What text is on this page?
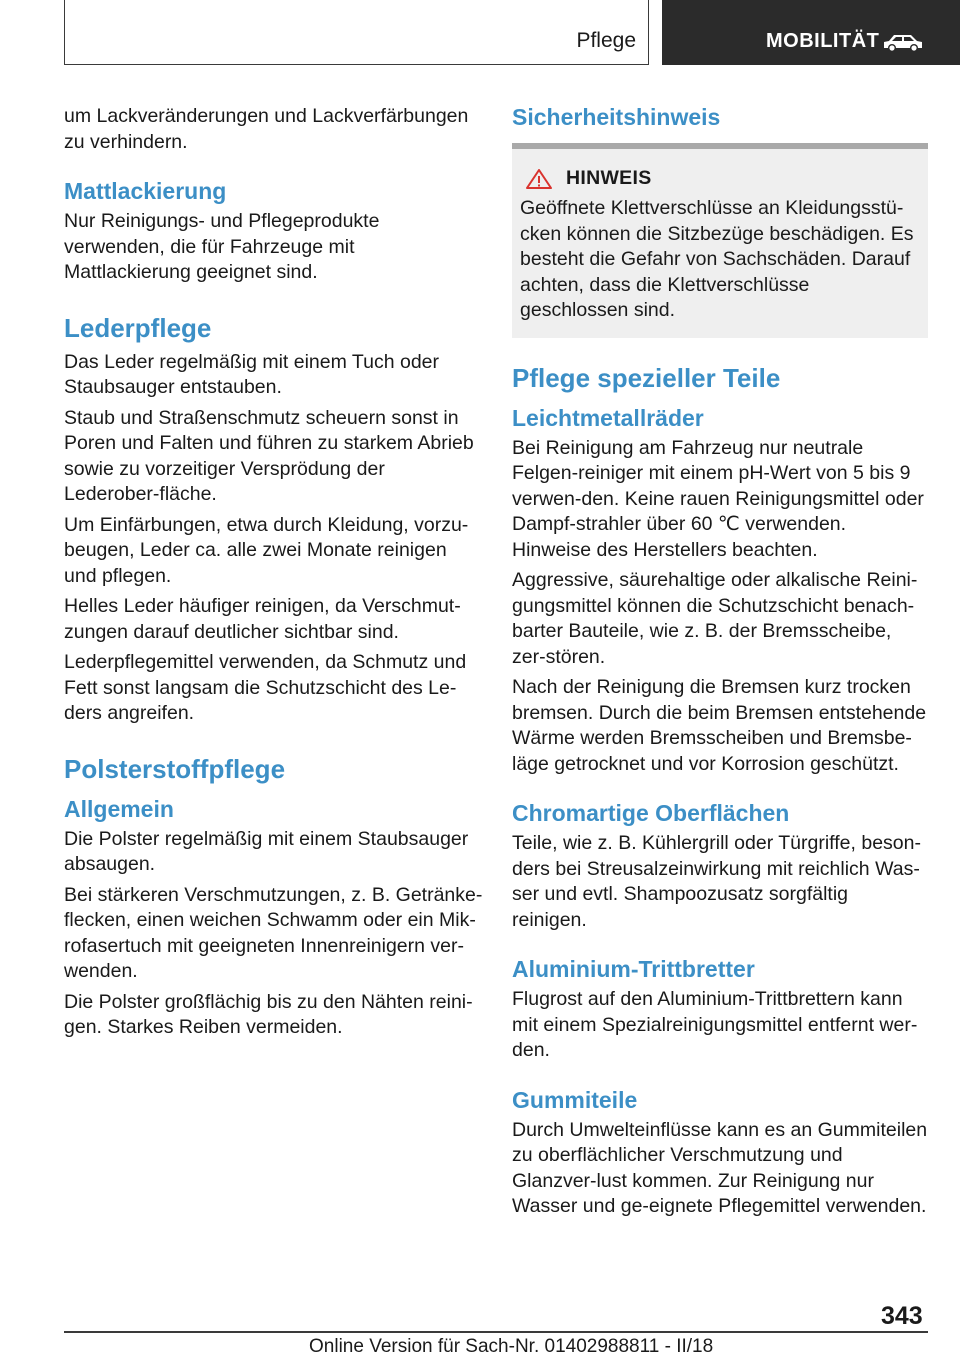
Pflege	MOBILITÄT

um Lackveränderungen und Lackverfärbungen zu verhindern.

Mattlackierung

Nur Reinigungs- und Pflegeprodukte verwenden, die für Fahrzeuge mit Mattlackierung geeignet sind.

Lederpflege

Das Leder regelmäßig mit einem Tuch oder Staubsauger entstauben.

Staub und Straßenschmutz scheuern sonst in Poren und Falten und führen zu starkem Abrieb sowie zu vorzeitiger Versprödung der Lederober-fläche.

Um Einfärbungen, etwa durch Kleidung, vorzu-beugen, Leder ca. alle zwei Monate reinigen und pflegen.

Helles Leder häufiger reinigen, da Verschmut-zungen darauf deutlicher sichtbar sind.

Lederpflegemittel verwenden, da Schmutz und Fett sonst langsam die Schutzschicht des Le-ders angreifen.

Polsterstoffpflege
Allgemein

Die Polster regelmäßig mit einem Staubsauger absaugen.

Bei stärkeren Verschmutzungen, z. B. Getränke-flecken, einen weichen Schwamm oder ein Mik-rofasertuch mit geeigneten Innenreinigern ver-wenden.

Die Polster großflächig bis zu den Nähten reini-gen. Starkes Reiben vermeiden.

Sicherheitshinweis
HINWEIS

Geöffnete Klettverschlüsse an Kleidungsstü-cken können die Sitzbezüge beschädigen. Es besteht die Gefahr von Sachschäden. Darauf achten, dass die Klettverschlüsse geschlossen sind.

Pflege spezieller Teile
Leichtmetallräder

Bei Reinigung am Fahrzeug nur neutrale Felgen-reiniger mit einem pH-Wert von 5 bis 9 verwen-den. Keine rauen Reinigungsmittel oder Dampf-strahler über 60 ℃ verwenden. Hinweise des Herstellers beachten.

Aggressive, säurehaltige oder alkalische Reini-gungsmittel können die Schutzschicht benach-barter Bauteile, wie z. B. der Bremsscheibe, zer-stören.

Nach der Reinigung die Bremsen kurz trocken bremsen. Durch die beim Bremsen entstehende Wärme werden Bremsscheiben und Bremsbe-läge getrocknet und vor Korrosion geschützt.

Chromartige Oberflächen

Teile, wie z. B. Kühlergrill oder Türgriffe, beson-ders bei Streusalzeinwirkung mit reichlich Was-ser und evtl. Shampoozusatz sorgfältig reinigen.

Aluminium-Trittbretter

Flugrost auf den Aluminium-Trittbrettern kann mit einem Spezialreinigungsmittel entfernt wer-den.

Gummiteile

Durch Umwelteinflüsse kann es an Gummiteilen zu oberflächlicher Verschmutzung und Glanzver-lust kommen. Zur Reinigung nur Wasser und ge-eignete Pflegemittel verwenden.

343
Online Version für Sach-Nr. 01402988811 - II/18
